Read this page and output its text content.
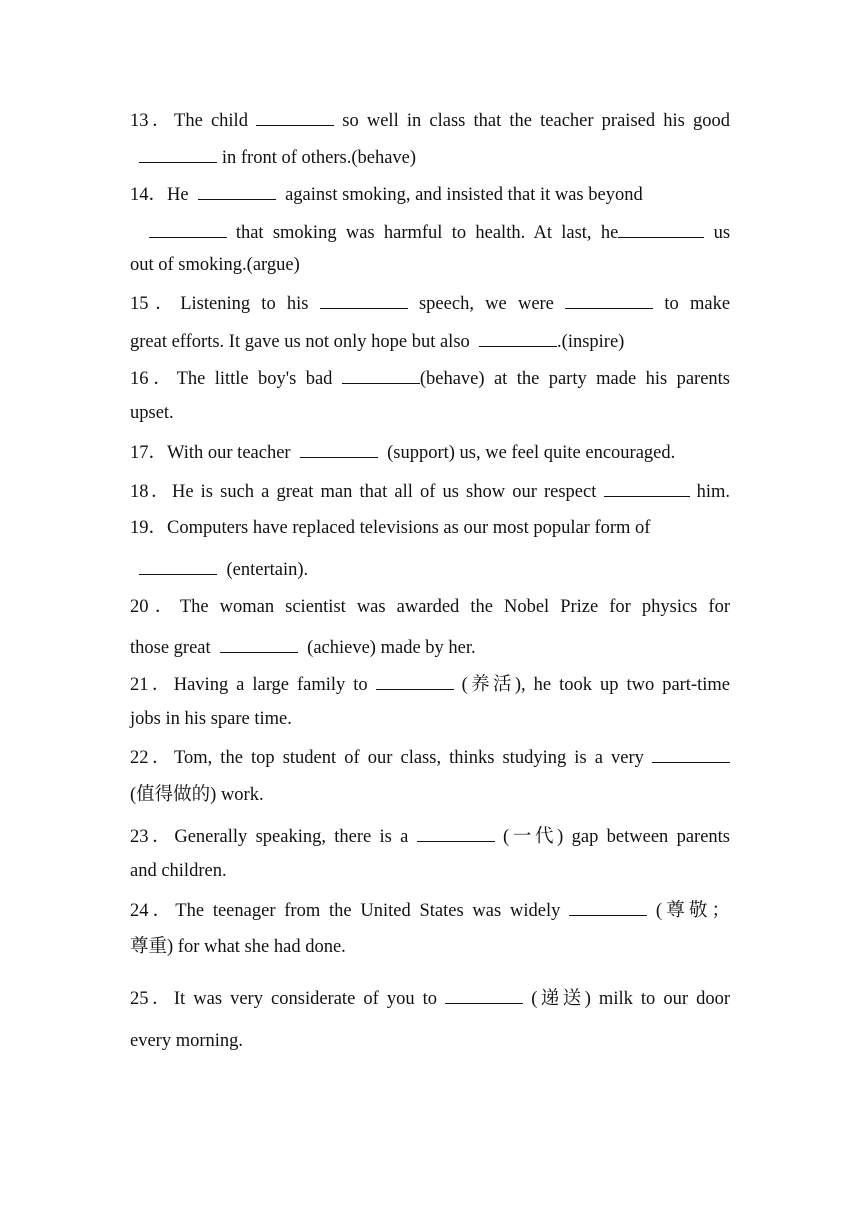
13．The child	so well in class that the teacher praised his good
in front of others.(behave)
14．He	against smoking, and insisted that it was beyond
that smoking was harmful to health. At last, he	us
out of smoking.(argue)
15．Listening to his	speech, we were	to make
great efforts. It gave us not only hope but also	.(inspire)
16．The little boy's bad	(behave) at the party made his parents
upset.
17．With our teacher	(support) us, we feel quite encouraged.
18．He is such a great man that all of us show our respect	him.
19．Computers have replaced televisions as our most popular form of
(entertain).
20．The woman scientist was awarded the Nobel Prize for physics for
those great	(achieve) made by her.
21．Having a large family to	(养活), he took up two part-time
jobs in his spare time.
22．Tom, the top student of our class, thinks studying is a very
(值得做的) work.
23．Generally speaking, there is a	(一代) gap between parents
and children.
24．The teenager from the United States was widely	(尊敬；
尊重) for what she had done.
25．It was very considerate of you to	(递送) milk to our door
every morning.
